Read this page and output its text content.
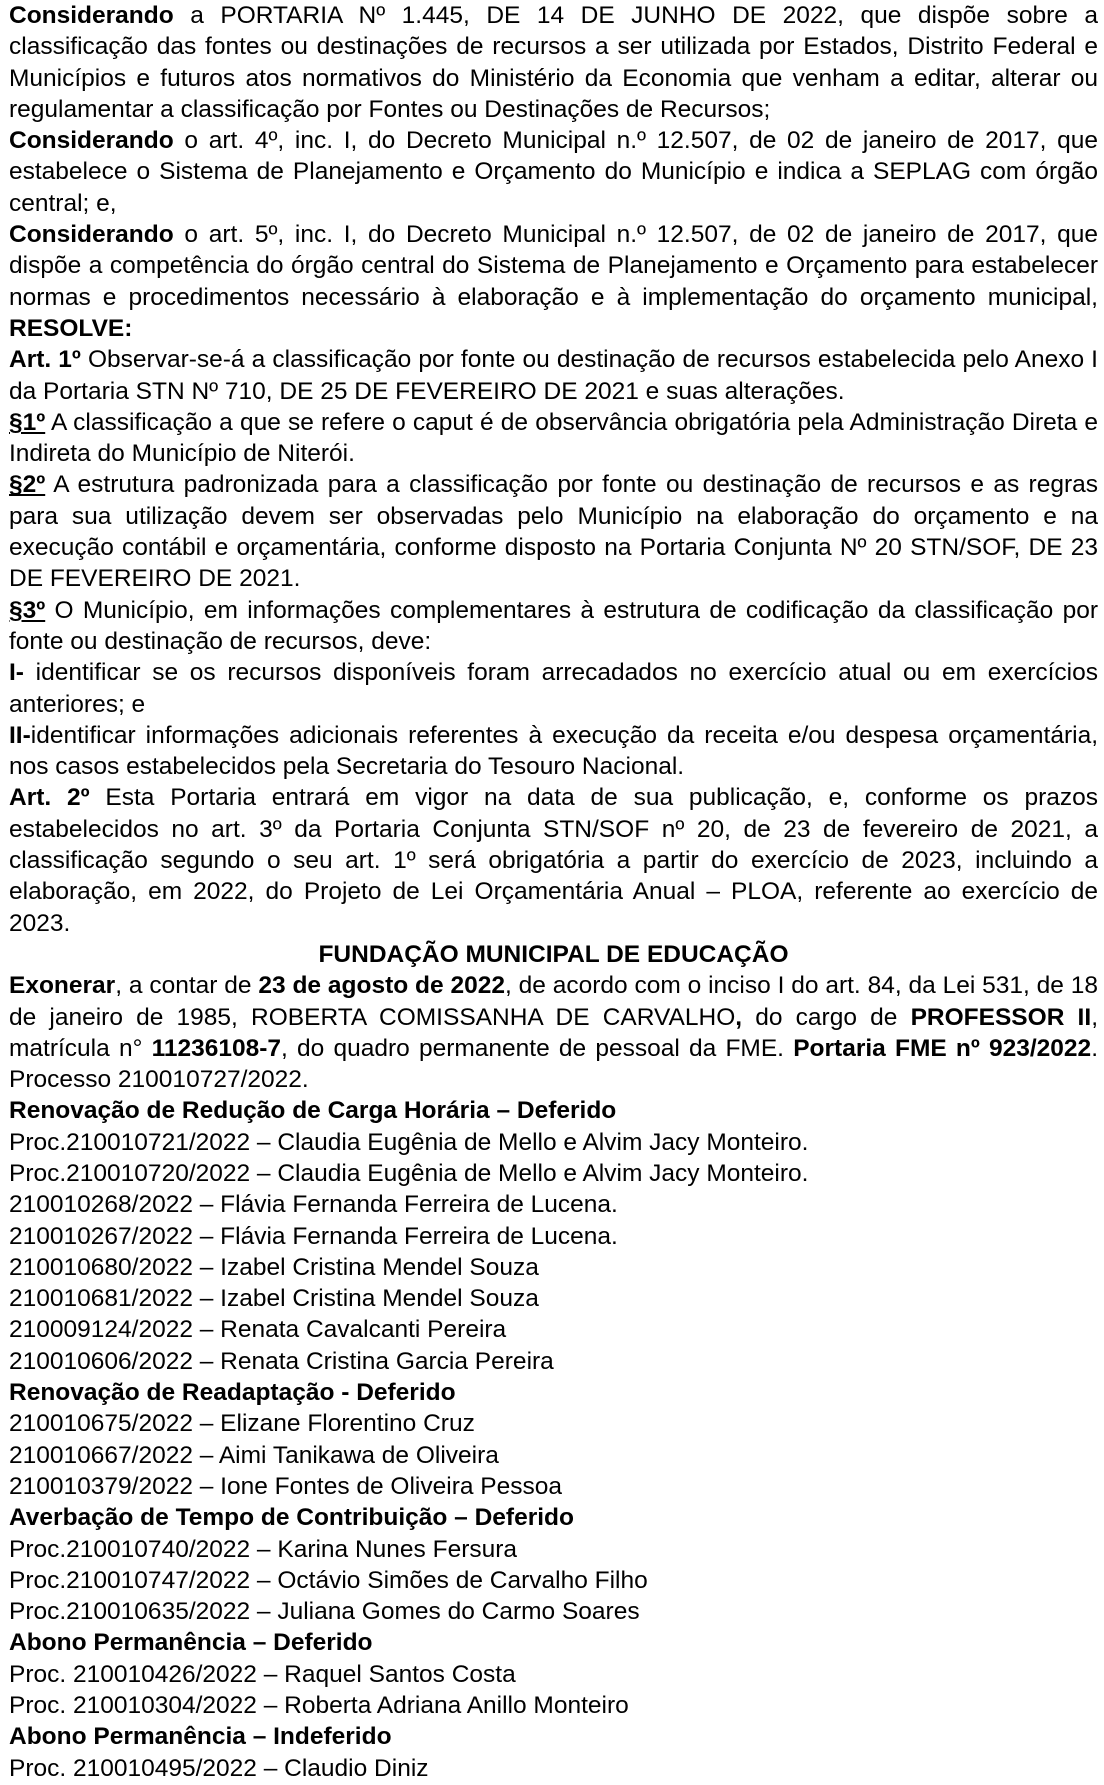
Considerando a PORTARIA Nº 1.445, DE 14 DE JUNHO DE 2022, que dispõe sobre a classificação das fontes ou destinações de recursos a ser utilizada por Estados, Distrito Federal e Municípios e futuros atos normativos do Ministério da Economia que venham a editar, alterar ou regulamentar a classificação por Fontes ou Destinações de Recursos;

Considerando o art. 4º, inc. I, do Decreto Municipal n.º 12.507, de 02 de janeiro de 2017, que estabelece o Sistema de Planejamento e Orçamento do Município e indica a SEPLAG com órgão central; e,

Considerando o art. 5º, inc. I, do Decreto Municipal n.º 12.507, de 02 de janeiro de 2017, que dispõe a competência do órgão central do Sistema de Planejamento e Orçamento para estabelecer normas e procedimentos necessário à elaboração e à implementação do orçamento municipal, RESOLVE:

Art. 1º Observar-se-á a classificação por fonte ou destinação de recursos estabelecida pelo Anexo I da Portaria STN Nº 710, DE 25 DE FEVEREIRO DE 2021 e suas alterações.

§1º A classificação a que se refere o caput é de observância obrigatória pela Administração Direta e Indireta do Município de Niterói.

§2º A estrutura padronizada para a classificação por fonte ou destinação de recursos e as regras para sua utilização devem ser observadas pelo Município na elaboração do orçamento e na execução contábil e orçamentária, conforme disposto na Portaria Conjunta Nº 20 STN/SOF, DE 23 DE FEVEREIRO DE 2021.

§3º O Município, em informações complementares à estrutura de codificação da classificação por fonte ou destinação de recursos, deve:

I- identificar se os recursos disponíveis foram arrecadados no exercício atual ou em exercícios anteriores; e

II-identificar informações adicionais referentes à execução da receita e/ou despesa orçamentária, nos casos estabelecidos pela Secretaria do Tesouro Nacional.

Art. 2º Esta Portaria entrará em vigor na data de sua publicação, e, conforme os prazos estabelecidos no art. 3º da Portaria Conjunta STN/SOF nº 20, de 23 de fevereiro de 2021, a classificação segundo o seu art. 1º será obrigatória a partir do exercício de 2023, incluindo a elaboração, em 2022, do Projeto de Lei Orçamentária Anual – PLOA, referente ao exercício de 2023.

FUNDAÇÃO MUNICIPAL DE EDUCAÇÃO

Exonerar, a contar de 23 de agosto de 2022, de acordo com o inciso I do art. 84, da Lei 531, de 18 de janeiro de 1985, ROBERTA COMISSANHA DE CARVALHO, do cargo de PROFESSOR II, matrícula n° 11236108-7, do quadro permanente de pessoal da FME. Portaria FME nº 923/2022. Processo 210010727/2022.

Renovação de Redução de Carga Horária – Deferido

Proc.210010721/2022 – Claudia Eugênia de Mello e Alvim Jacy Monteiro.
Proc.210010720/2022 – Claudia Eugênia de Mello e Alvim Jacy Monteiro.
210010268/2022 – Flávia Fernanda Ferreira de Lucena.
210010267/2022 – Flávia Fernanda Ferreira de Lucena.
210010680/2022 – Izabel Cristina Mendel Souza
210010681/2022 – Izabel Cristina Mendel Souza
210009124/2022 – Renata Cavalcanti Pereira
210010606/2022 – Renata Cristina Garcia Pereira

Renovação de Readaptação - Deferido

210010675/2022 – Elizane Florentino Cruz
210010667/2022 – Aimi Tanikawa de Oliveira
210010379/2022 – Ione Fontes de Oliveira Pessoa

Averbação de Tempo de Contribuição – Deferido

Proc.210010740/2022 – Karina Nunes Fersura
Proc.210010747/2022 – Octávio Simões de Carvalho Filho
Proc.210010635/2022 – Juliana Gomes do Carmo Soares

Abono Permanência – Deferido

Proc. 210010426/2022 – Raquel Santos Costa
Proc. 210010304/2022 – Roberta Adriana Anillo Monteiro

Abono Permanência – Indeferido

Proc. 210010495/2022 – Claudio Diniz
